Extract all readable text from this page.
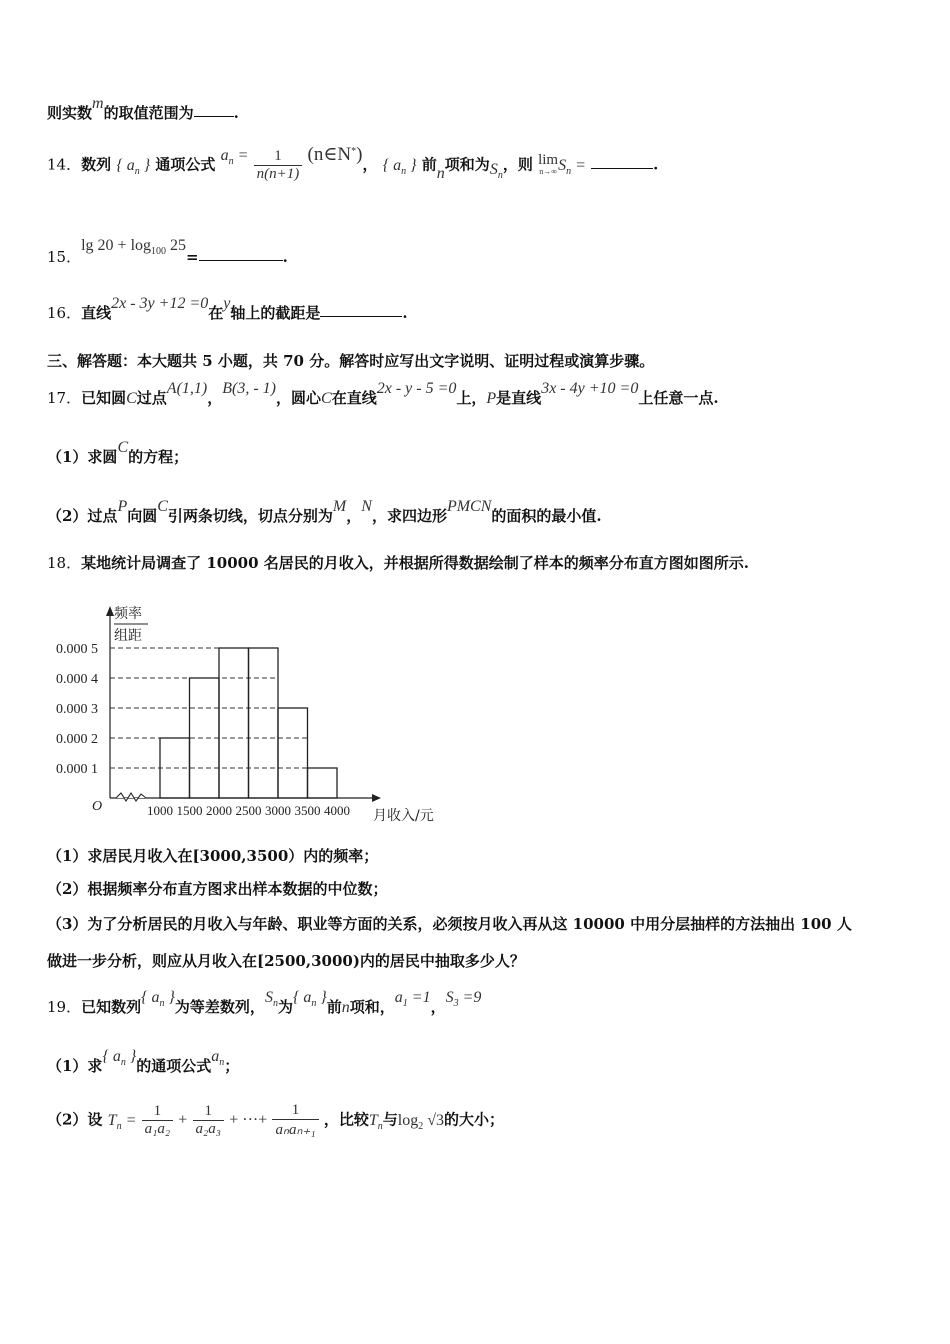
则实数m的取值范围为	.
14．数列 { $a_n$ } 通项公式 $a_n = \frac{1}{n(n+1)}$ (n∈N*)， { $a_n$ } 前n项和为$S_n$，则 lim
n→∞ $S_n$ =	.
15．$\lg 20 + \log_{100} 25=$	.
16．直线2x - 3y +12 =0在y轴上的截距是	.
三、解答题：本大题共 5 小题，共 70 分。解答时应写出文字说明、证明过程或演算步骤。
17．已知圆C过点A(1,1)，B(3, - 1)，圆心C在直线2x - y - 5 =0上，P是直线3x - 4y +10 =0上任意一点.
（1）求圆C的方程；
（2）过点P向圆C引两条切线，切点分别为M，N，求四边形PMCN的面积的最小值.
18．某地统计局调查了 10000 名居民的月收入，并根据所得数据绘制了样本的频率分布直方图如图所示.
0.000 1
0.000 2
0.000 3
0.000 4
0.000 5
1000 1500 2000 2500 3000 3500 4000
O
月收入/元
频率
组距
（1）求居民月收入在[3000,3500）内的频率；
（2）根据频率分布直方图求出样本数据的中位数；
（3）为了分析居民的月收入与年龄、职业等方面的关系，必须按月收入再从这 10000 中用分层抽样的方法抽出 100 人
做进一步分析，则应从月收入在[2500,3000)内的居民中抽取多少人？
19．已知数列{ $a_n$ }为等差数列，$S_n$为{ $a_n$ }前n项和，$a_1 =1$，$S_3 =9$
（1）求{ $a_n$ }的通项公式$a_n$；
（2）设 $T_n = \frac{1}{\text{a₁a₂}} + \frac{1}{\text{a₂a₃}}$ + ···+ $\frac{1}{\text{aₙaₙ₊₁}}$ ，比较$T_n$与$\log_2 √3$的大小；
